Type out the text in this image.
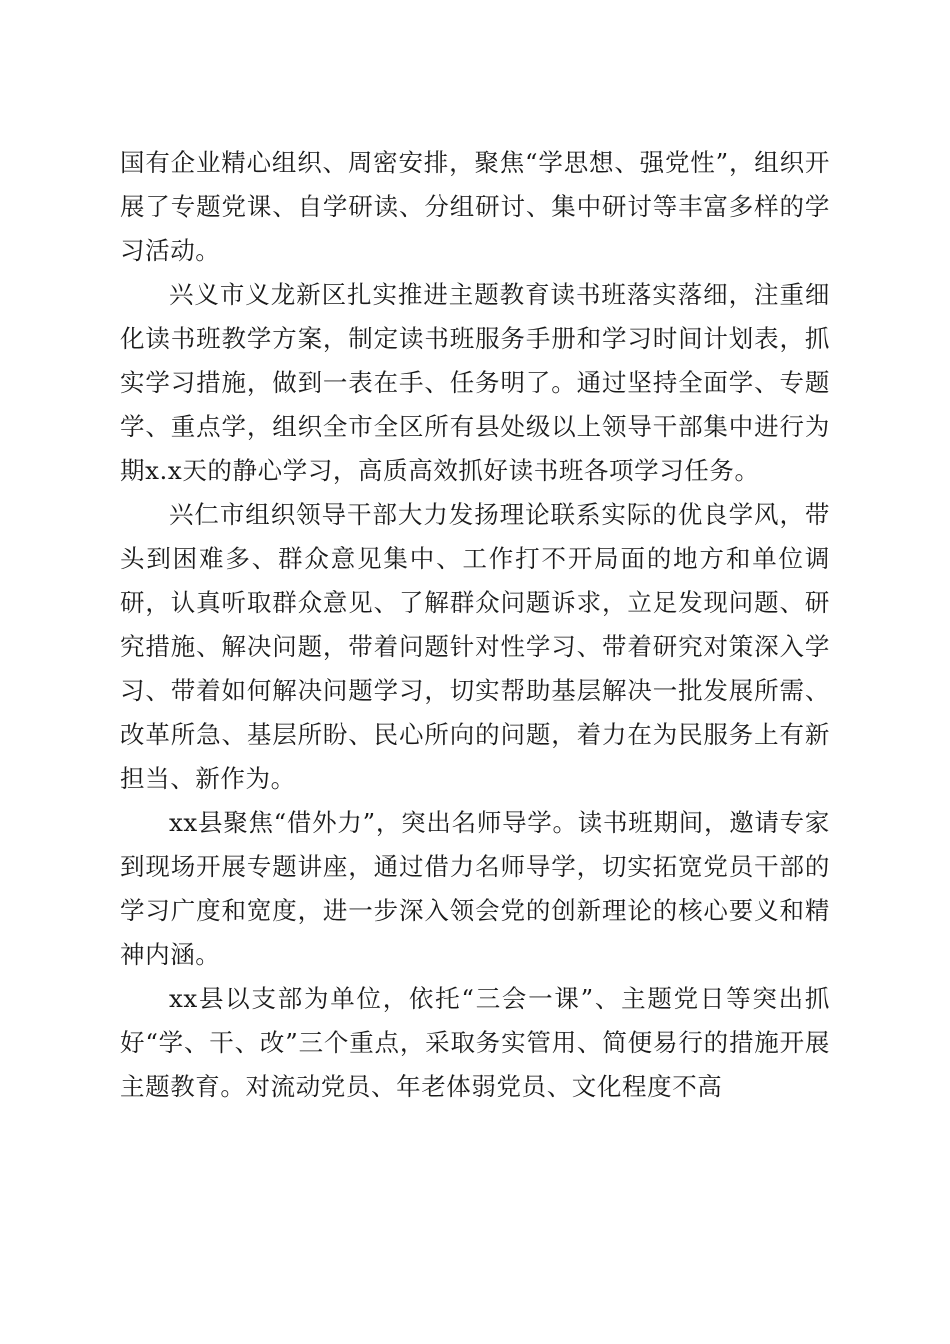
国有企业精心组织、周密安排，聚焦“学思想、强党性”，组织开展了专题党课、自学研读、分组研讨、集中研讨等丰富多样的学习活动。

兴义市义龙新区扎实推进主题教育读书班落实落细，注重细化读书班教学方案，制定读书班服务手册和学习时间计划表，抓实学习措施，做到一表在手、任务明了。通过坚持全面学、专题学、重点学，组织全市全区所有县处级以上领导干部集中进行为期x.x天的静心学习，高质高效抓好读书班各项学习任务。

兴仁市组织领导干部大力发扬理论联系实际的优良学风，带头到困难多、群众意见集中、工作打不开局面的地方和单位调研，认真听取群众意见、了解群众问题诉求，立足发现问题、研究措施、解决问题，带着问题针对性学习、带着研究对策深入学习、带着如何解决问题学习，切实帮助基层解决一批发展所需、改革所急、基层所盼、民心所向的问题，着力在为民服务上有新担当、新作为。

xx县聚焦“借外力”，突出名师导学。读书班期间，邀请专家到现场开展专题讲座，通过借力名师导学，切实拓宽党员干部的学习广度和宽度，进一步深入领会党的创新理论的核心要义和精神内涵。

xx县以支部为单位，依托“三会一课”、主题党日等突出抓好“学、干、改”三个重点，采取务实管用、简便易行的措施开展主题教育。对流动党员、年老体弱党员、文化程度不高
